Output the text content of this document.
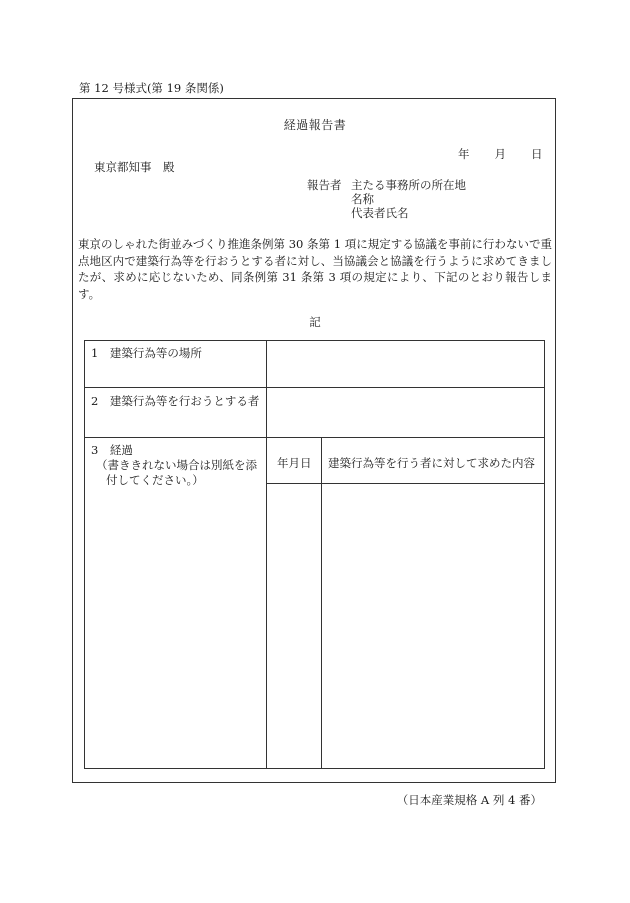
第 12 号様式(第 19 条関係)
経過報告書
年 月 日
東京都知事　殿
報告者 主たる事務所の所在地
名称
代表者氏名
東京のしゃれた街並みづくり推進条例第 30 条第 1 項に規定する協議を事前に行わないで重点地区内で建築行為等を行おうとする者に対し、当協議会と協議を行うように求めてきましたが、求めに応じないため、同条例第 31 条第 3 項の規定により、下記のとおり報告します。
記
1　建築行為等の場所
2　建築行為等を行おうとする者
3　経過
（書ききれない場合は別紙を添
付してください。）
年月日 建築行為等を行う者に対して求めた内容
（日本産業規格 A 列 4 番）
